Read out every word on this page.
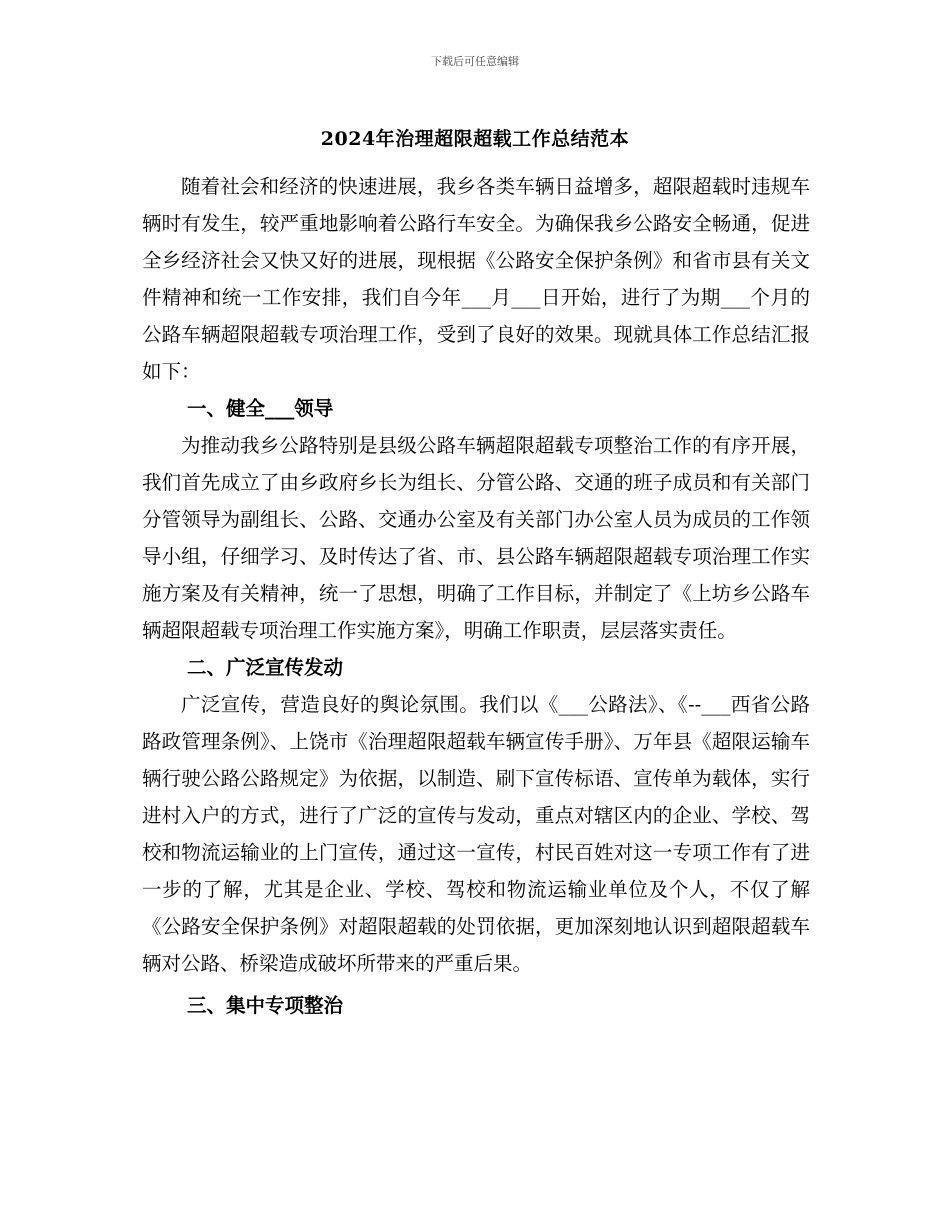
下载后可任意编辑
2024年治理超限超载工作总结范本

随着社会和经济的快速进展，我乡各类车辆日益增多，超限超载时违规车辆时有发生，较严重地影响着公路行车安全。为确保我乡公路安全畅通，促进全乡经济社会又快又好的进展，现根据《公路安全保护条例》和省市县有关文件精神和统一工作安排，我们自今年___月___日开始，进行了为期___个月的公路车辆超限超载专项治理工作，受到了良好的效果。现就具体工作总结汇报如下：

一、健全___领导

为推动我乡公路特别是县级公路车辆超限超载专项整治工作的有序开展，我们首先成立了由乡政府乡长为组长、分管公路、交通的班子成员和有关部门分管领导为副组长、公路、交通办公室及有关部门办公室人员为成员的工作领导小组，仔细学习、及时传达了省、市、县公路车辆超限超载专项治理工作实施方案及有关精神，统一了思想，明确了工作目标，并制定了《上坊乡公路车辆超限超载专项治理工作实施方案》，明确工作职责，层层落实责任。

二、广泛宣传发动

广泛宣传，营造良好的舆论氛围。我们以《___公路法》、《--___西省公路路政管理条例》、上饶市《治理超限超载车辆宣传手册》、万年县《超限运输车辆行驶公路公路规定》为依据，以制造、刷下宣传标语、宣传单为载体，实行进村入户的方式，进行了广泛的宣传与发动，重点对辖区内的企业、学校、驾校和物流运输业的上门宣传，通过这一宣传，村民百姓对这一专项工作有了进一步的了解，尤其是企业、学校、驾校和物流运输业单位及个人，不仅了解《公路安全保护条例》对超限超载的处罚依据，更加深刻地认识到超限超载车辆对公路、桥梁造成破坏所带来的严重后果。

三、集中专项整治
